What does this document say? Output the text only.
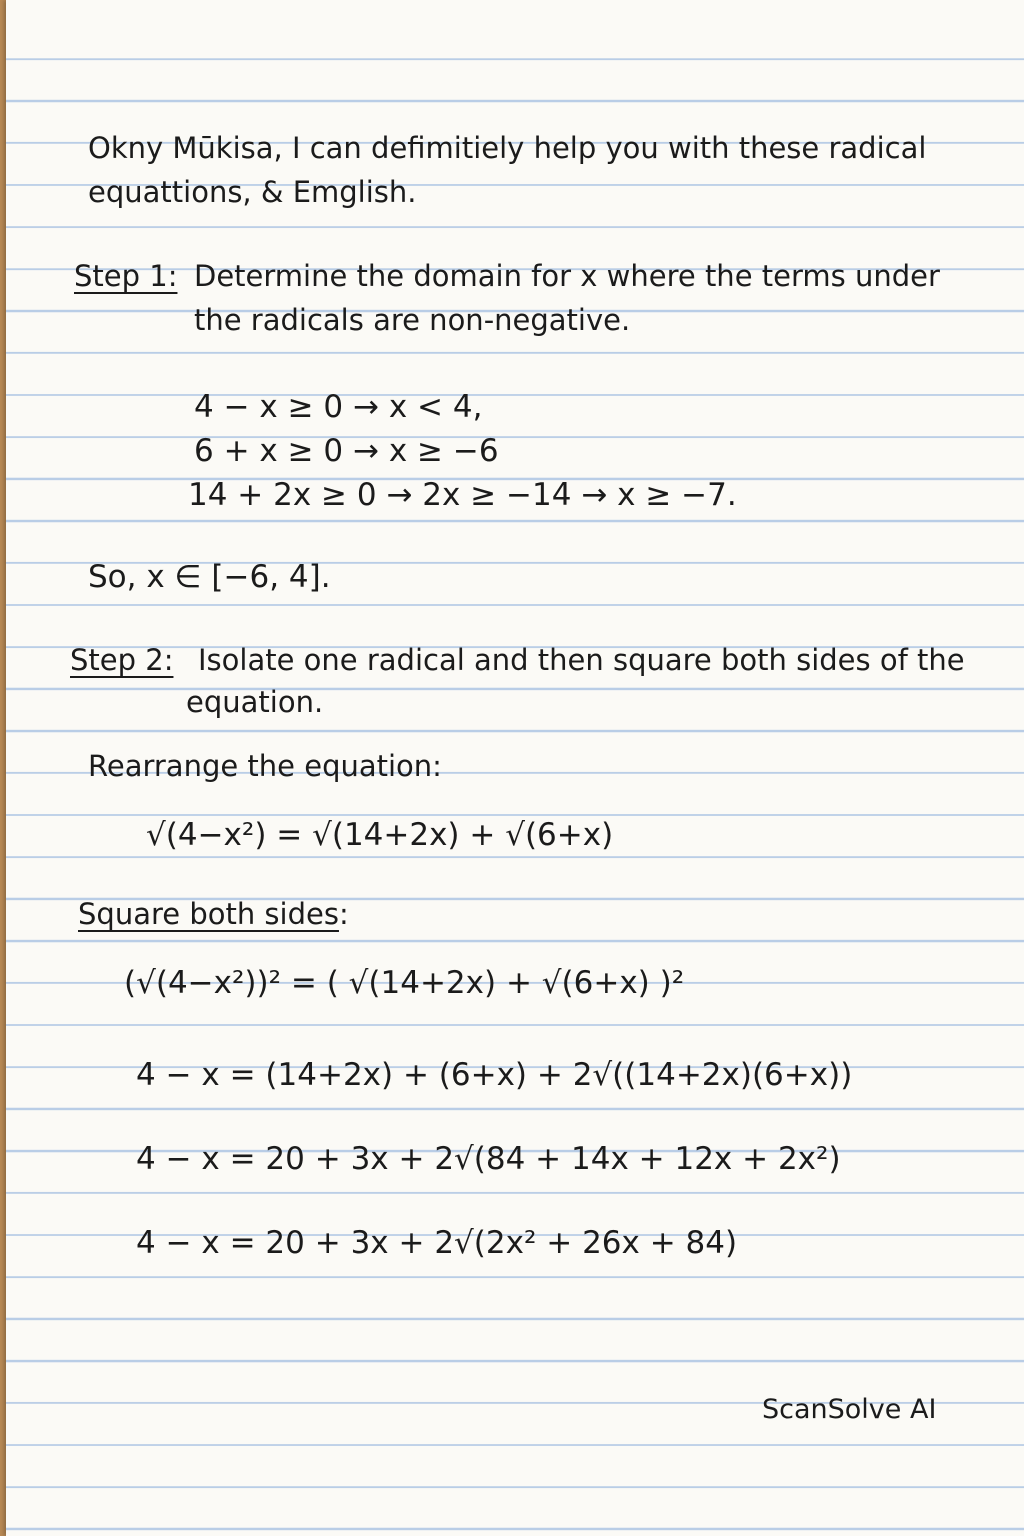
Okny Mūkisa, I can defimitiely help you with these radical
equattions, & Emglish.
Step 1: Determine the domain for x where the terms under
the radicals are non-negative.
4 − x ≥ 0 → x < 4,
6 + x ≥ 0 → x ≥ −6
14 + 2x ≥ 0 → 2x ≥ −14 → x ≥ −7.
So, x ∈ [−6, 4].
Step 2: Isolate one radical and then square both sides of the
equation.
Rearrange the equation:
√(4−x²) = √(14+2x) + √(6+x)
Square both sides:
(√(4−x²))² = ( √(14+2x) + √(6+x) )²
4 − x = (14+2x) + (6+x) + 2√((14+2x)(6+x))
4 − x = 20 + 3x + 2√(84 + 14x + 12x + 2x²)
4 − x = 20 + 3x + 2√(2x² + 26x + 84)
ScanSolve AI
